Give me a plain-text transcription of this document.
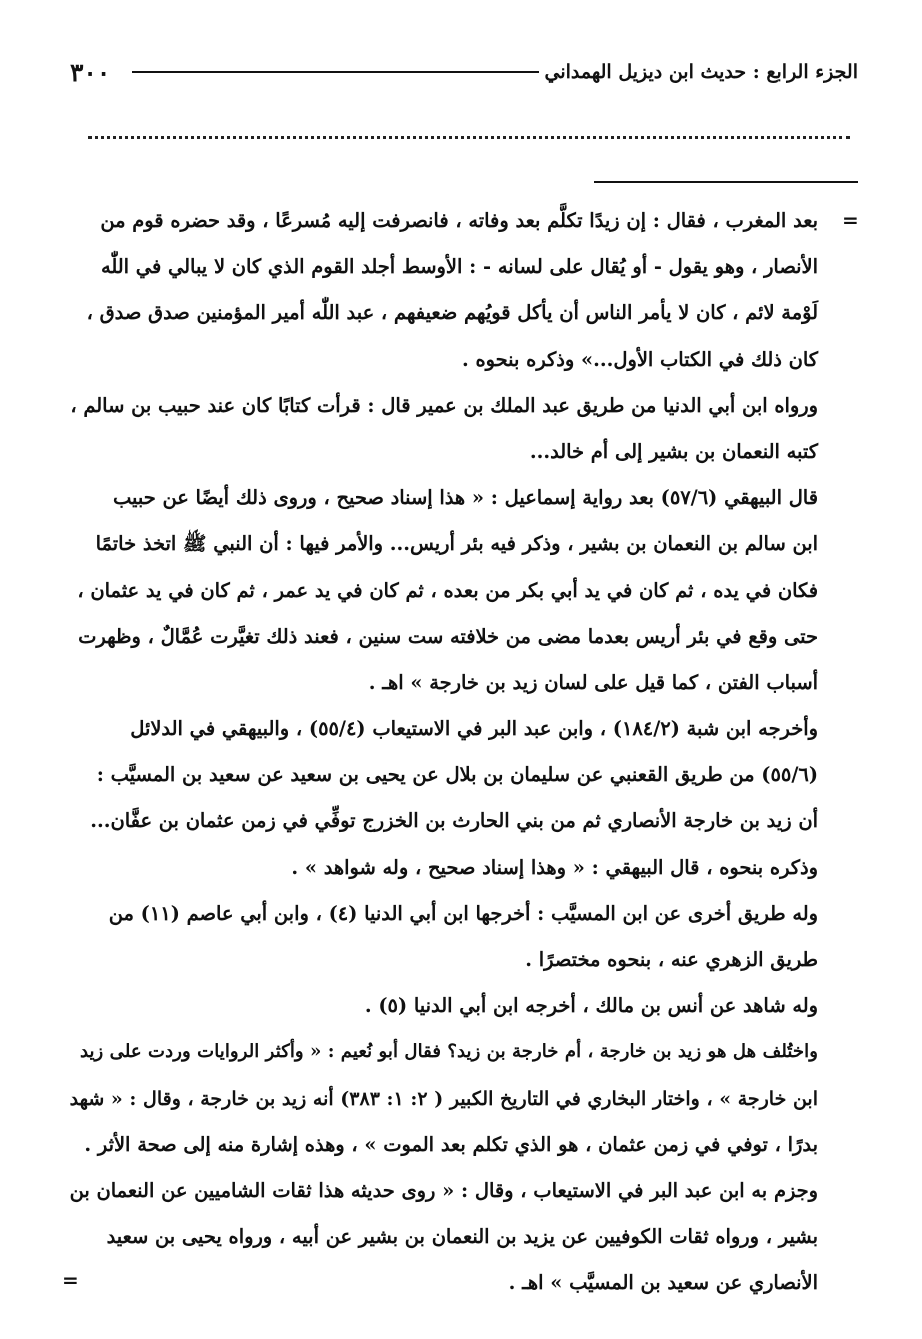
٣٠٠	الجزء الرابع : حديث ابن ديزيل الهمداني
=
بعد المغرب ، فقال : إن زيدًا تكلَّم بعد وفاته ، فانصرفت إليه مُسرعًا ، وقد حضره قوم من
الأنصار ، وهو يقول - أو يُقال على لسانه - : الأوسط أجلد القوم الذي كان لا يبالي في اللّٰه
لَوْمة لائم ، كان لا يأمر الناس أن يأكل قويُهم ضعيفهم ، عبد اللّٰه أمير المؤمنين صدق صدق ،
كان ذلك في الكتاب الأول...» وذكره بنحوه .
ورواه ابن أبي الدنيا من طريق عبد الملك بن عمير قال : قرأت كتابًا كان عند حبيب بن سالم ،
كتبه النعمان بن بشير إلى أم خالد...
قال البيهقي (٥٧/٦) بعد رواية إسماعيل : « هذا إسناد صحيح ، وروى ذلك أيضًا عن حبيب
ابن سالم بن النعمان بن بشير ، وذكر فيه بئر أريس... والأمر فيها : أن النبي ﷺ اتخذ خاتمًا
فكان في يده ، ثم كان في يد أبي بكر من بعده ، ثم كان في يد عمر ، ثم كان في يد عثمان ،
حتى وقع في بئر أريس بعدما مضى من خلافته ست سنين ، فعند ذلك تغيَّرت عُمَّالٌ ، وظهرت
أسباب الفتن ، كما قيل على لسان زيد بن خارجة » اهـ .
وأخرجه ابن شبة (١٨٤/٢) ، وابن عبد البر في الاستيعاب (٥٥/٤) ، والبيهقي في الدلائل
(٥٥/٦) من طريق القعنبي عن سليمان بن بلال عن يحيى بن سعيد عن سعيد بن المسيَّب :
أن زيد بن خارجة الأنصاري ثم من بني الحارث بن الخزرج توفِّي في زمن عثمان بن عفَّان...
وذكره بنحوه ، قال البيهقي : « وهذا إسناد صحيح ، وله شواهد » .
وله طريق أخرى عن ابن المسيَّب : أخرجها ابن أبي الدنيا (٤) ، وابن أبي عاصم (١١) من
طريق الزهري عنه ، بنحوه مختصرًا .
وله شاهد عن أنس بن مالك ، أخرجه ابن أبي الدنيا (٥) .
واختُلف هل هو زيد بن خارجة ، أم خارجة بن زيد؟ فقال أبو نُعيم : « وأكثر الروايات وردت على زيد
ابن خارجة » ، واختار البخاري في التاريخ الكبير ( ٢: ١: ٣٨٣) أنه زيد بن خارجة ، وقال : « شهد
بدرًا ، توفي في زمن عثمان ، هو الذي تكلم بعد الموت » ، وهذه إشارة منه إلى صحة الأثر .
وجزم به ابن عبد البر في الاستيعاب ، وقال : « روى حديثه هذا ثقات الشاميين عن النعمان بن
بشير ، ورواه ثقات الكوفيين عن يزيد بن النعمان بن بشير عن أبيه ، ورواه يحيى بن سعيد
الأنصاري عن سعيد بن المسيَّب » اهـ .
=
